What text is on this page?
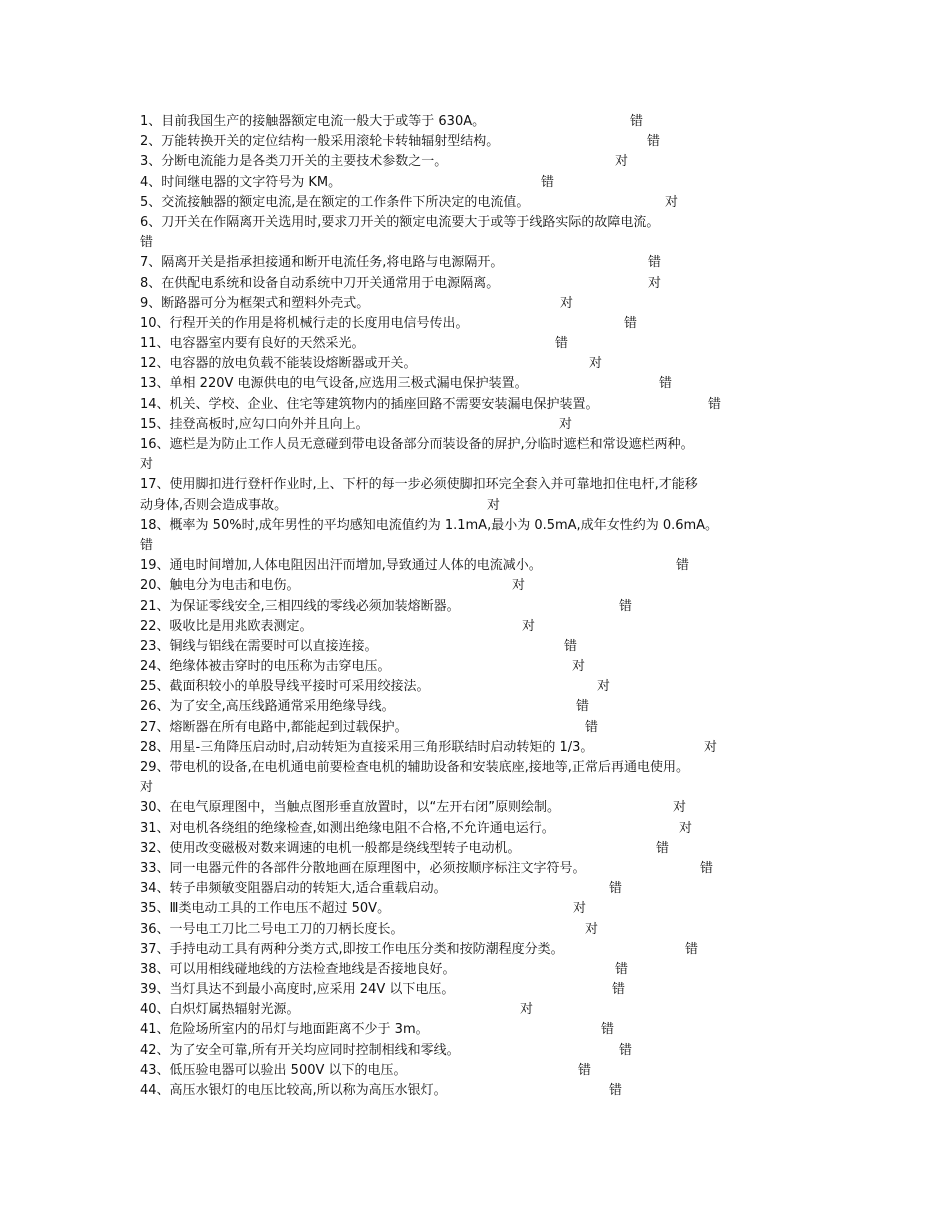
1、目前我国生产的接触器额定电流一般大于或等于 630A。	错
2、万能转换开关的定位结构一般采用滚轮卡转轴辐射型结构。	错
3、分断电流能力是各类刀开关的主要技术参数之一。	对
4、时间继电器的文字符号为 KM。	错
5、交流接触器的额定电流,是在额定的工作条件下所决定的电流值。	对
6、刀开关在作隔离开关选用时,要求刀开关的额定电流要大于或等于线路实际的故障电流。
错
7、隔离开关是指承担接通和断开电流任务,将电路与电源隔开。	错
8、在供配电系统和设备自动系统中刀开关通常用于电源隔离。	对
9、断路器可分为框架式和塑料外壳式。	对
10、行程开关的作用是将机械行走的长度用电信号传出。	错
11、电容器室内要有良好的天然采光。	错
12、电容器的放电负载不能装设熔断器或开关。	对
13、单相 220V 电源供电的电气设备,应选用三极式漏电保护装置。	错
14、机关、学校、企业、住宅等建筑物内的插座回路不需要安装漏电保护装置。	错
15、挂登高板时,应勾口向外并且向上。	对
16、遮栏是为防止工作人员无意碰到带电设备部分而装设备的屏护,分临时遮栏和常设遮栏两种。
对
17、使用脚扣进行登杆作业时,上、下杆的每一步必须使脚扣环完全套入并可靠地扣住电杆,才能移
动身体,否则会造成事故。	对
18、概率为 50%时,成年男性的平均感知电流值约为 1.1mA,最小为 0.5mA,成年女性约为 0.6mA。
错
19、通电时间增加,人体电阻因出汗而增加,导致通过人体的电流减小。	错
20、触电分为电击和电伤。	对
21、为保证零线安全,三相四线的零线必须加装熔断器。	错
22、吸收比是用兆欧表测定。	对
23、铜线与铝线在需要时可以直接连接。	错
24、绝缘体被击穿时的电压称为击穿电压。	对
25、截面积较小的单股导线平接时可采用绞接法。	对
26、为了安全,高压线路通常采用绝缘导线。	错
27、熔断器在所有电路中,都能起到过载保护。	错
28、用星-三角降压启动时,启动转矩为直接采用三角形联结时启动转矩的 1/3。	对
29、带电机的设备,在电机通电前要检查电机的辅助设备和安装底座,接地等,正常后再通电使用。
对
30、在电气原理图中，当触点图形垂直放置时，以“左开右闭”原则绘制。	对
31、对电机各绕组的绝缘检查,如测出绝缘电阻不合格,不允许通电运行。	对
32、使用改变磁极对数来调速的电机一般都是绕线型转子电动机。	错
33、同一电器元件的各部件分散地画在原理图中，必须按顺序标注文字符号。	错
34、转子串频敏变阻器启动的转矩大,适合重载启动。	错
35、Ⅲ类电动工具的工作电压不超过 50V。	对
36、一号电工刀比二号电工刀的刀柄长度长。	对
37、手持电动工具有两种分类方式,即按工作电压分类和按防潮程度分类。	错
38、可以用相线碰地线的方法检查地线是否接地良好。	错
39、当灯具达不到最小高度时,应采用 24V 以下电压。	错
40、白炽灯属热辐射光源。	对
41、危险场所室内的吊灯与地面距离不少于 3m。	错
42、为了安全可靠,所有开关均应同时控制相线和零线。	错
43、低压验电器可以验出 500V 以下的电压。	错
44、高压水银灯的电压比较高,所以称为高压水银灯。	错
